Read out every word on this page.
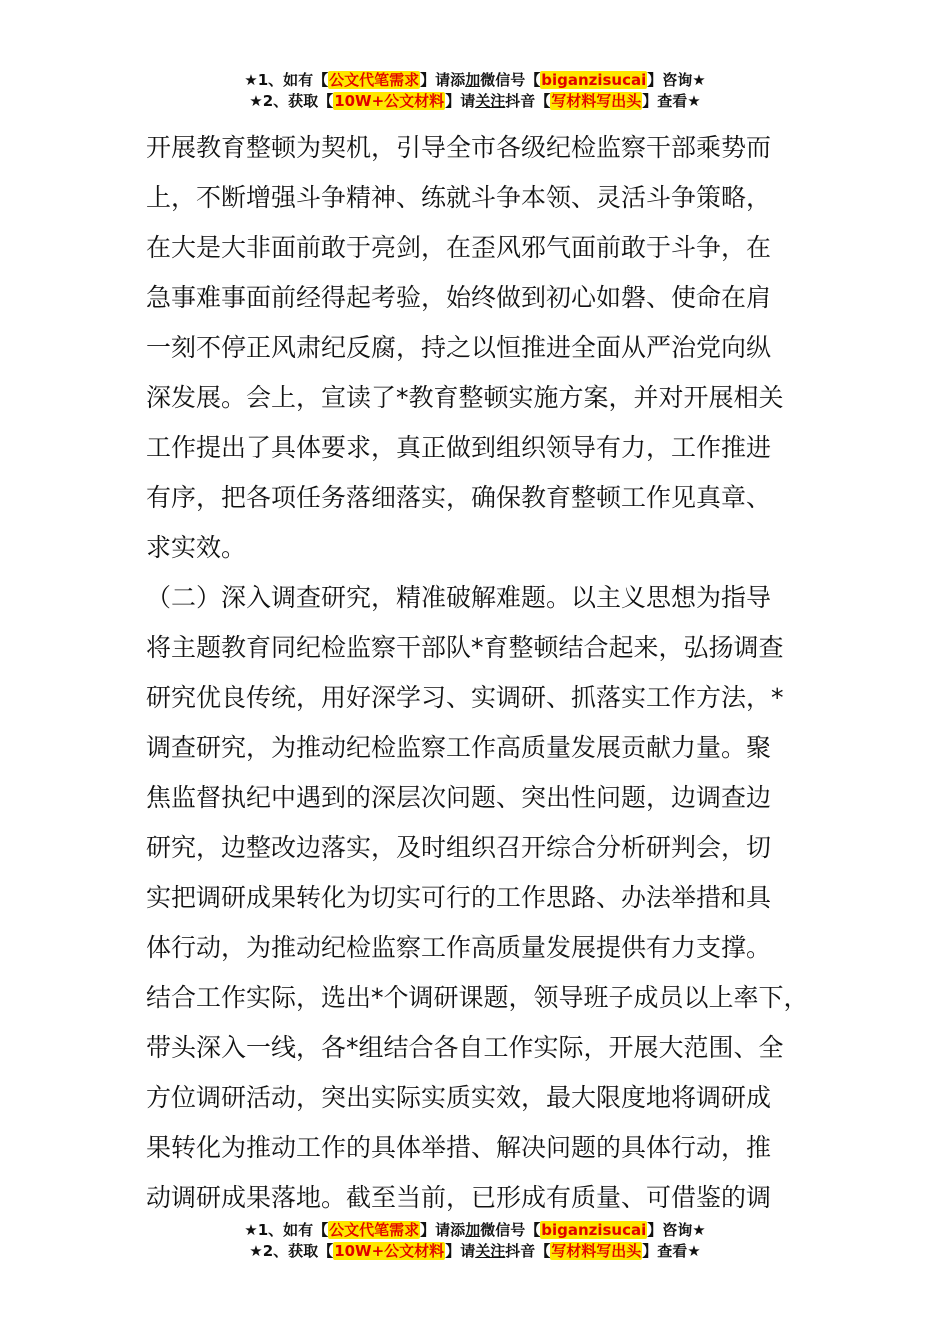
★1、如有【公文代笔需求】请添加微信号【biganzisucai】咨询★
★2、获取【10W+公文材料】请关注抖音【写材料写出头】查看★
开展教育整顿为契机，引导全市各级纪检监察干部乘势而
上，不断增强斗争精神、练就斗争本领、灵活斗争策略，
在大是大非面前敢于亮剑，在歪风邪气面前敢于斗争，在
急事难事面前经得起考验，始终做到初心如磐、使命在肩
一刻不停正风肃纪反腐，持之以恒推进全面从严治党向纵
深发展。会上，宣读了*教育整顿实施方案，并对开展相关
工作提出了具体要求，真正做到组织领导有力，工作推进
有序，把各项任务落细落实，确保教育整顿工作见真章、
求实效。
（二）深入调查研究，精准破解难题。以主义思想为指导
将主题教育同纪检监察干部队*育整顿结合起来，弘扬调查
研究优良传统，用好深学习、实调研、抓落实工作方法，*
调查研究，为推动纪检监察工作高质量发展贡献力量。聚
焦监督执纪中遇到的深层次问题、突出性问题，边调查边
研究，边整改边落实，及时组织召开综合分析研判会，切
实把调研成果转化为切实可行的工作思路、办法举措和具
体行动，为推动纪检监察工作高质量发展提供有力支撑。
结合工作实际，选出*个调研课题，领导班子成员以上率下，
带头深入一线，各*组结合各自工作实际，开展大范围、全
方位调研活动，突出实际实质实效，最大限度地将调研成
果转化为推动工作的具体举措、解决问题的具体行动，推
动调研成果落地。截至当前，已形成有质量、可借鉴的调
★1、如有【公文代笔需求】请添加微信号【biganzisucai】咨询★
★2、获取【10W+公文材料】请关注抖音【写材料写出头】查看★
